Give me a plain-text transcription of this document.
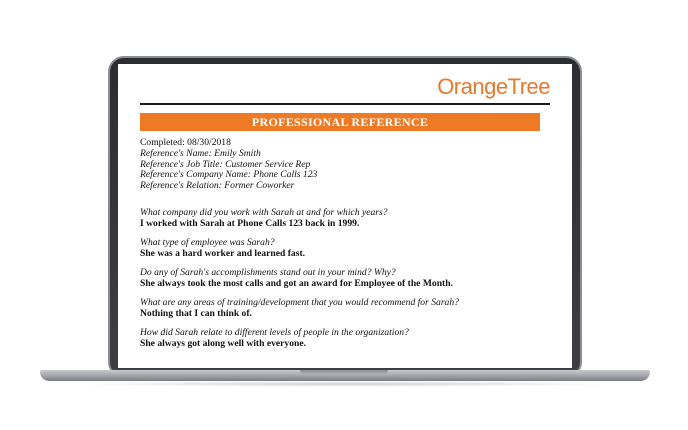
OrangeTree
PROFESSIONAL REFERENCE
Completed: 08/30/2018
Reference's Name: Emily Smith
Reference's Job Title: Customer Service Rep
Reference's Company Name: Phone Calls 123
Reference's Relation: Former Coworker
What company did you work with Sarah at and for which years?
I worked with Sarah at Phone Calls 123 back in 1999.
What type of employee was Sarah?
She was a hard worker and learned fast.
Do any of Sarah's accomplishments stand out in your mind? Why?
She always took the most calls and got an award for Employee of the Month.
What are any areas of training/development that you would recommend for Sarah?
Nothing that I can think of.
How did Sarah relate to different levels of people in the organization?
She always got along well with everyone.
